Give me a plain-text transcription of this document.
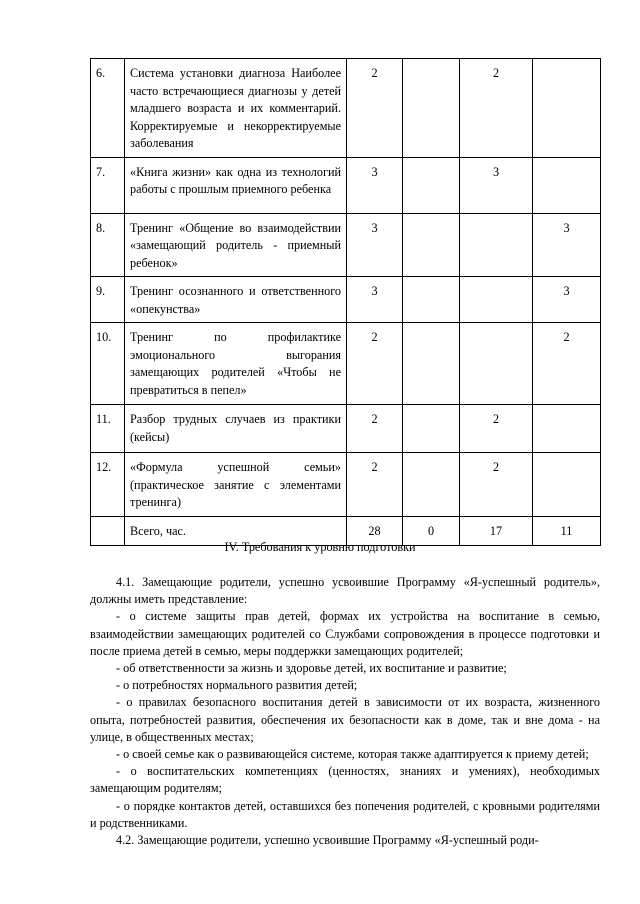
6.	Система установки диагноза Наиболее часто встречающиеся диагнозы у детей младшего возраста и их комментарий. Корректируемые и некорректируемые заболевания	2		2	
7.	«Книга жизни» как одна из технологий работы с прошлым приемного ребенка	3		3	
8.	Тренинг «Общение во взаимодействии «замещающий родитель - приемный ребенок»	3			3
9.	Тренинг осознанного и ответственного «опекунства»	3			3
10.	Тренинг по профилактике эмоционального выгорания замещающих родителей «Чтобы не превратиться в пепел»	2			2
11.	Разбор трудных случаев из практики (кейсы)	2		2	
12.	«Формула успешной семьи» (практическое занятие с элементами тренинга)	2		2	
	Всего, час.	28	0	17	11
IV. Требования к уровню подготовки

4.1. Замещающие родители, успешно усвоившие Программу «Я-успешный родитель», должны иметь представление:

- о системе защиты прав детей, формах их устройства на воспитание в семью, взаимодействии замещающих родителей со Службами сопровождения в процессе подготовки и после приема детей в семью, меры поддержки замещающих родителей;

- об ответственности за жизнь и здоровье детей, их воспитание и развитие;

- о потребностях нормального развития детей;

- о правилах безопасного воспитания детей в зависимости от их возраста, жизненного опыта, потребностей развития, обеспечения их безопасности как в доме, так и вне дома - на улице, в общественных местах;

- о своей семье как о развивающейся системе, которая также адаптируется к приему детей;

- о воспитательских компетенциях (ценностях, знаниях и умениях), необходимых замещающим родителям;

- о порядке контактов детей, оставшихся без попечения родителей, с кровными родителями и родственниками.

4.2. Замещающие родители, успешно усвоившие Программу «Я-успешный роди-
